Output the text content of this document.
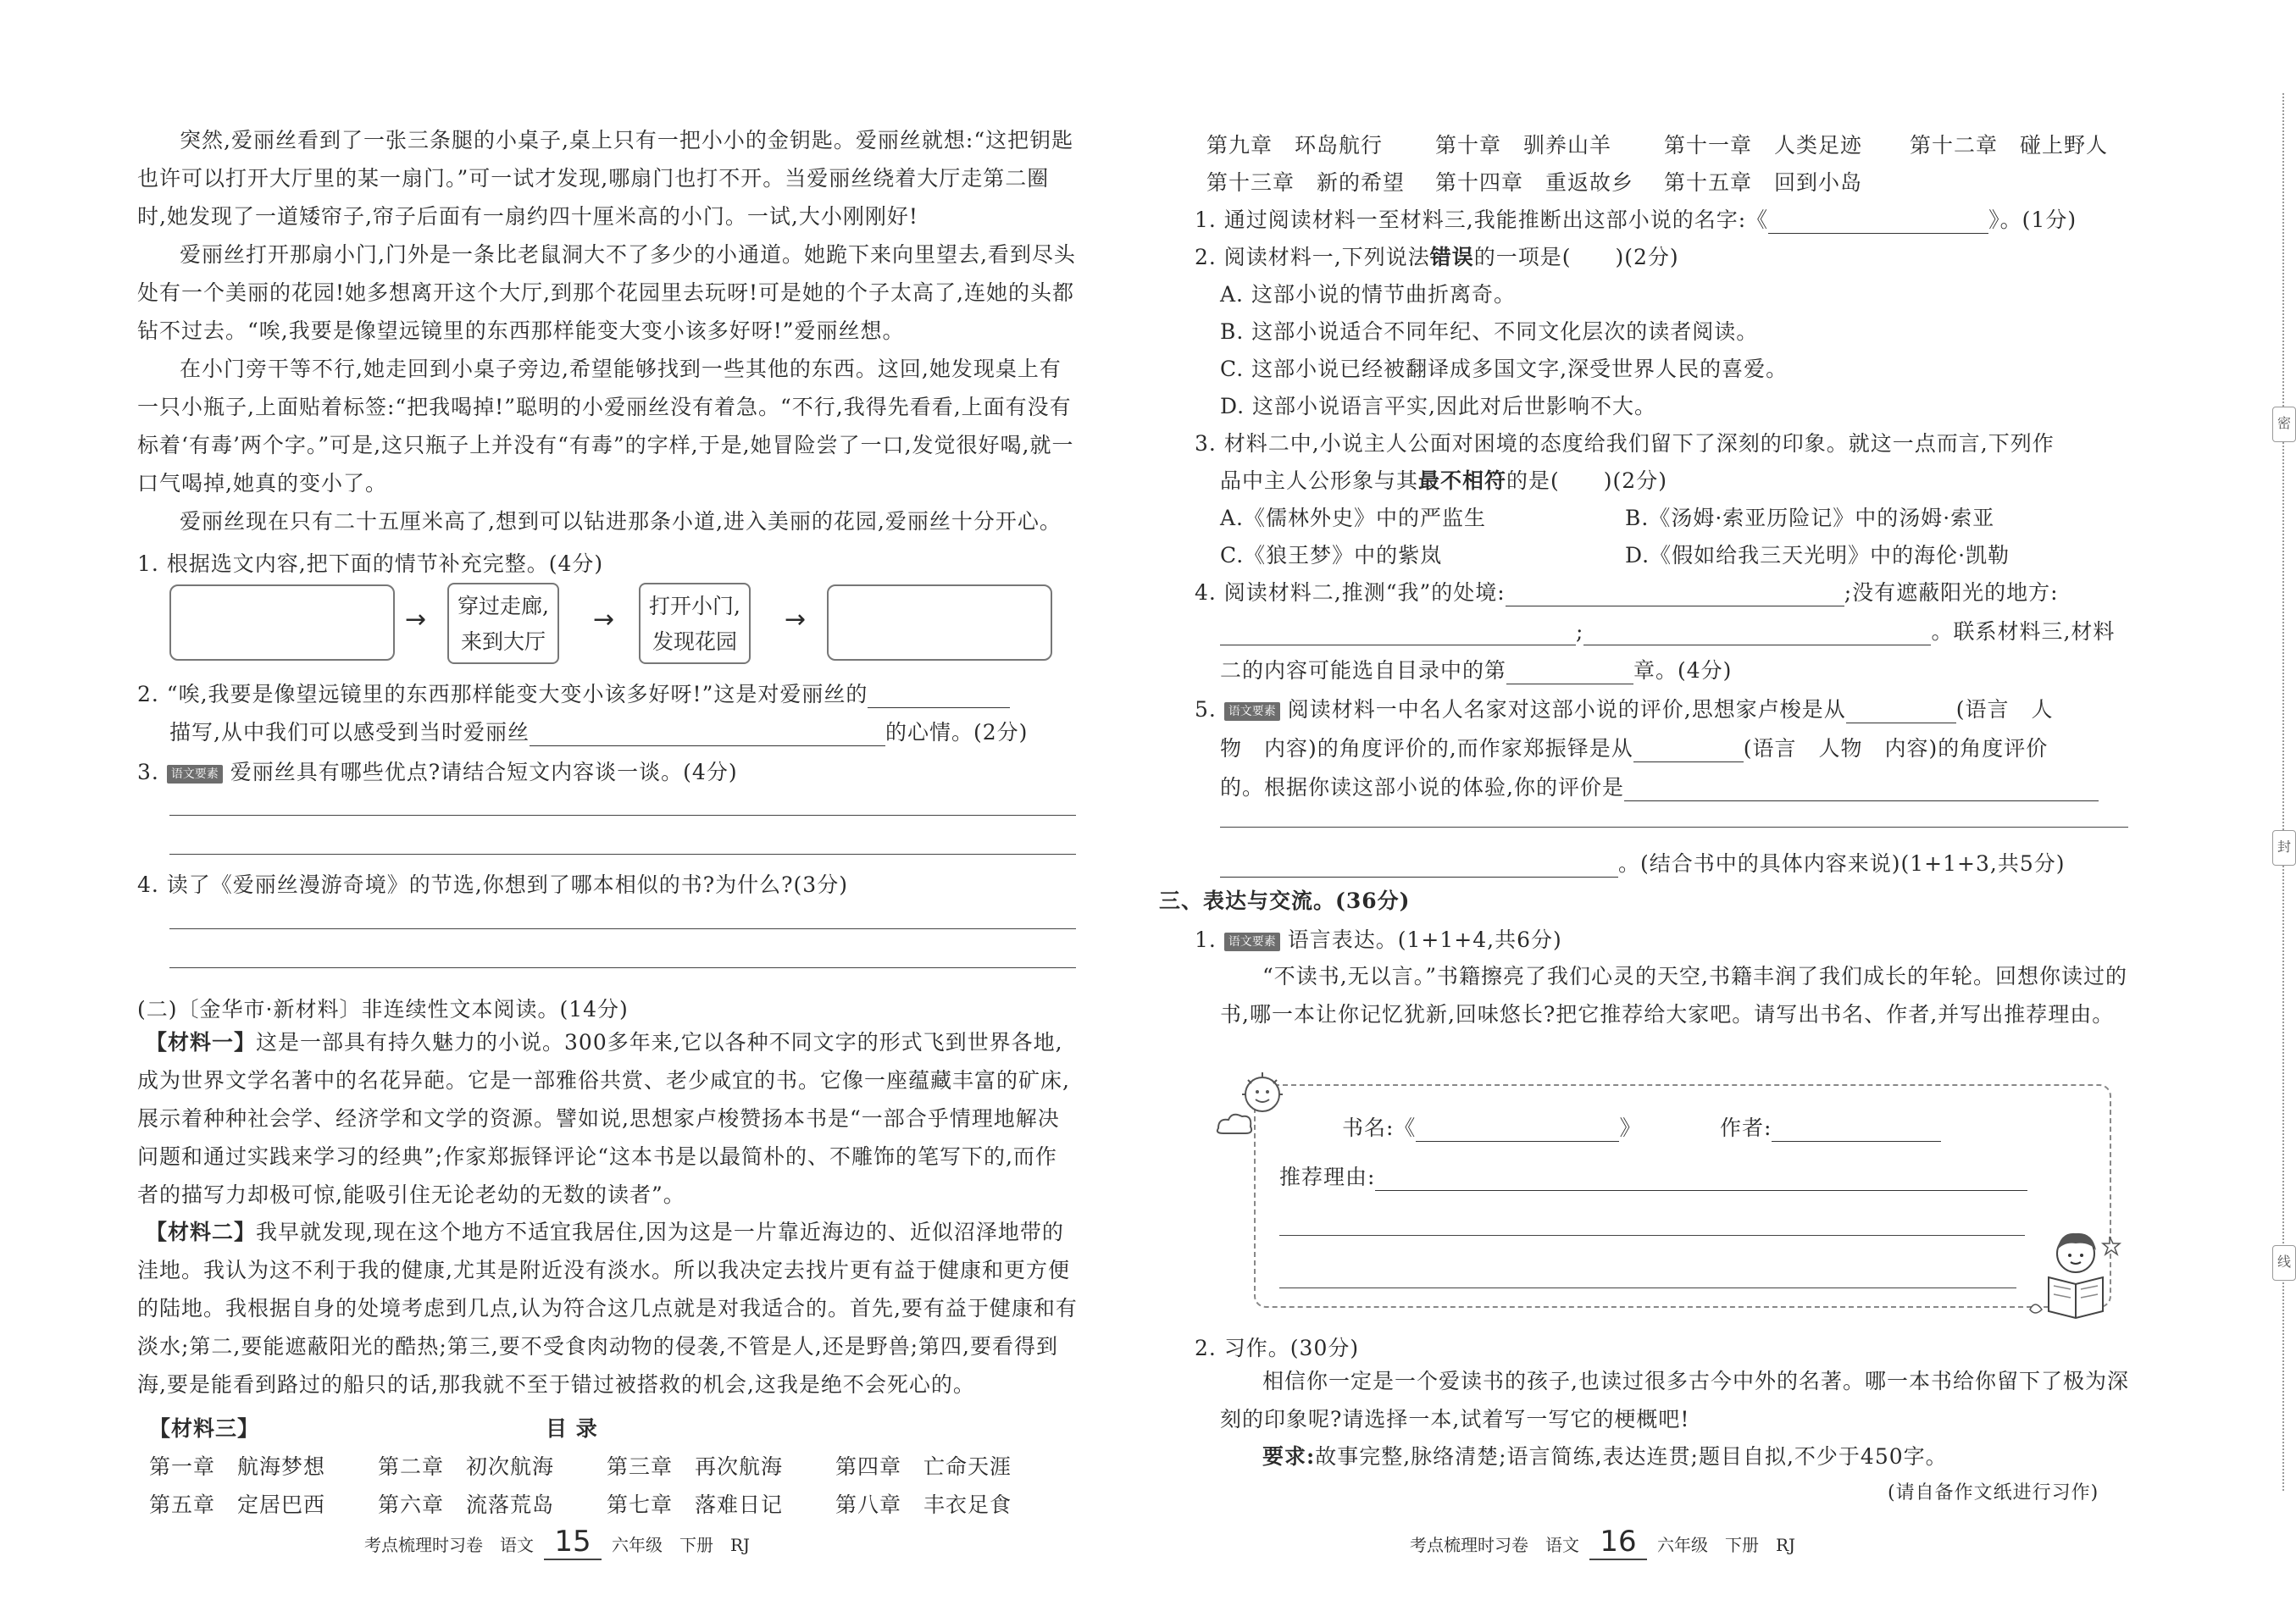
突然,爱丽丝看到了一张三条腿的小桌子,桌上只有一把小小的金钥匙。爱丽丝就想:“这把钥匙也许可以打开大厅里的某一扇门。”可一试才发现,哪扇门也打不开。当爱丽丝绕着大厅走第二圈时,她发现了一道矮帘子,帘子后面有一扇约四十厘米高的小门。一试,大小刚刚好!
爱丽丝打开那扇小门,门外是一条比老鼠洞大不了多少的小通道。她跪下来向里望去,看到尽头处有一个美丽的花园!她多想离开这个大厅,到那个花园里去玩呀!可是她的个子太高了,连她的头都钻不过去。“唉,我要是像望远镜里的东西那样能变大变小该多好呀!”爱丽丝想。
在小门旁干等不行,她走回到小桌子旁边,希望能够找到一些其他的东西。这回,她发现桌上有一只小瓶子,上面贴着标签:“把我喝掉!”聪明的小爱丽丝没有着急。“不行,我得先看看,上面有没有标着‘有毒’两个字。”可是,这只瓶子上并没有“有毒”的字样,于是,她冒险尝了一口,发觉很好喝,就一口气喝掉,她真的变小了。
爱丽丝现在只有二十五厘米高了,想到可以钻进那条小道,进入美丽的花园,爱丽丝十分开心。
1. 根据选文内容,把下面的情节补充完整。(4分)
→	穿过走廊,
来到大厅
→	打开小门,
发现花园
→
2. “唉,我要是像望远镜里的东西那样能变大变小该多好呀!”这是对爱丽丝的
描写,从中我们可以感受到当时爱丽丝	的心情。(2分)
3. 语文要素 爱丽丝具有哪些优点?请结合短文内容谈一谈。(4分)
4. 读了《爱丽丝漫游奇境》的节选,你想到了哪本相似的书?为什么?(3分)
(二)〔金华市·新材料〕非连续性文本阅读。(14分)
【材料一】这是一部具有持久魅力的小说。300多年来,它以各种不同文字的形式飞到世界各地,成为世界文学名著中的名花异葩。它是一部雅俗共赏、老少咸宜的书。它像一座蕴藏丰富的矿床,展示着种种社会学、经济学和文学的资源。譬如说,思想家卢梭赞扬本书是“一部合乎情理地解决问题和通过实践来学习的经典”;作家郑振铎评论“这本书是以最简朴的、不雕饰的笔写下的,而作者的描写力却极可惊,能吸引住无论老幼的无数的读者”。
【材料二】我早就发现,现在这个地方不适宜我居住,因为这是一片靠近海边的、近似沼泽地带的洼地。我认为这不利于我的健康,尤其是附近没有淡水。所以我决定去找片更有益于健康和更方便的陆地。我根据自身的处境考虑到几点,认为符合这几点就是对我适合的。首先,要有益于健康和有淡水;第二,要能遮蔽阳光的酷热;第三,要不受食肉动物的侵袭,不管是人,还是野兽;第四,要看得到海,要是能看到路过的船只的话,那我就不至于错过被搭救的机会,这我是绝不会死心的。
【材料三】	目 录
第一章　航海梦想 第二章　初次航海 第三章　再次航海 第四章　亡命天涯
第五章　定居巴西 第六章　流落荒岛 第七章　落难日记 第八章　丰衣足食
考点梳理时习卷　语文 15 六年级　下册　RJ
第九章　环岛航行 第十章　驯养山羊 第十一章　人类足迹 第十二章　碰上野人
第十三章　新的希望 第十四章　重返故乡 第十五章　回到小岛
1. 通过阅读材料一至材料三,我能推断出这部小说的名字:《	》。(1分)
2. 阅读材料一,下列说法错误的一项是(　　)(2分)
A. 这部小说的情节曲折离奇。
B. 这部小说适合不同年纪、不同文化层次的读者阅读。
C. 这部小说已经被翻译成多国文字,深受世界人民的喜爱。
D. 这部小说语言平实,因此对后世影响不大。
3. 材料二中,小说主人公面对困境的态度给我们留下了深刻的印象。就这一点而言,下列作
品中主人公形象与其最不相符的是(　　)(2分)
A.《儒林外史》中的严监生	B.《汤姆·索亚历险记》中的汤姆·索亚
C.《狼王梦》中的紫岚	D.《假如给我三天光明》中的海伦·凯勒
4. 阅读材料二,推测“我”的处境:	;没有遮蔽阳光的地方:
;	。联系材料三,材料
二的内容可能选自目录中的第	章。(4分)
5. 语文要素 阅读材料一中名人名家对这部小说的评价,思想家卢梭是从	(语言　人
物　内容)的角度评价的,而作家郑振铎是从	(语言　人物　内容)的角度评价
的。根据你读这部小说的体验,你的评价是
。(结合书中的具体内容来说)(1+1+3,共5分)
三、表达与交流。(36分)
1. 语文要素 语言表达。(1+1+4,共6分)
“不读书,无以言。”书籍擦亮了我们心灵的天空,书籍丰润了我们成长的年轮。回想你读过的书,哪一本让你记忆犹新,回味悠长?把它推荐给大家吧。请写出书名、作者,并写出推荐理由。
书名:《	》	作者:
推荐理由:
2. 习作。(30分)
相信你一定是一个爱读书的孩子,也读过很多古今中外的名著。哪一本书给你留下了极为深刻的印象呢?请选择一本,试着写一写它的梗概吧!
要求:故事完整,脉络清楚;语言简练,表达连贯;题目自拟,不少于450字。
(请自备作文纸进行习作)
考点梳理时习卷　语文 16 六年级　下册　RJ
密
封
线
